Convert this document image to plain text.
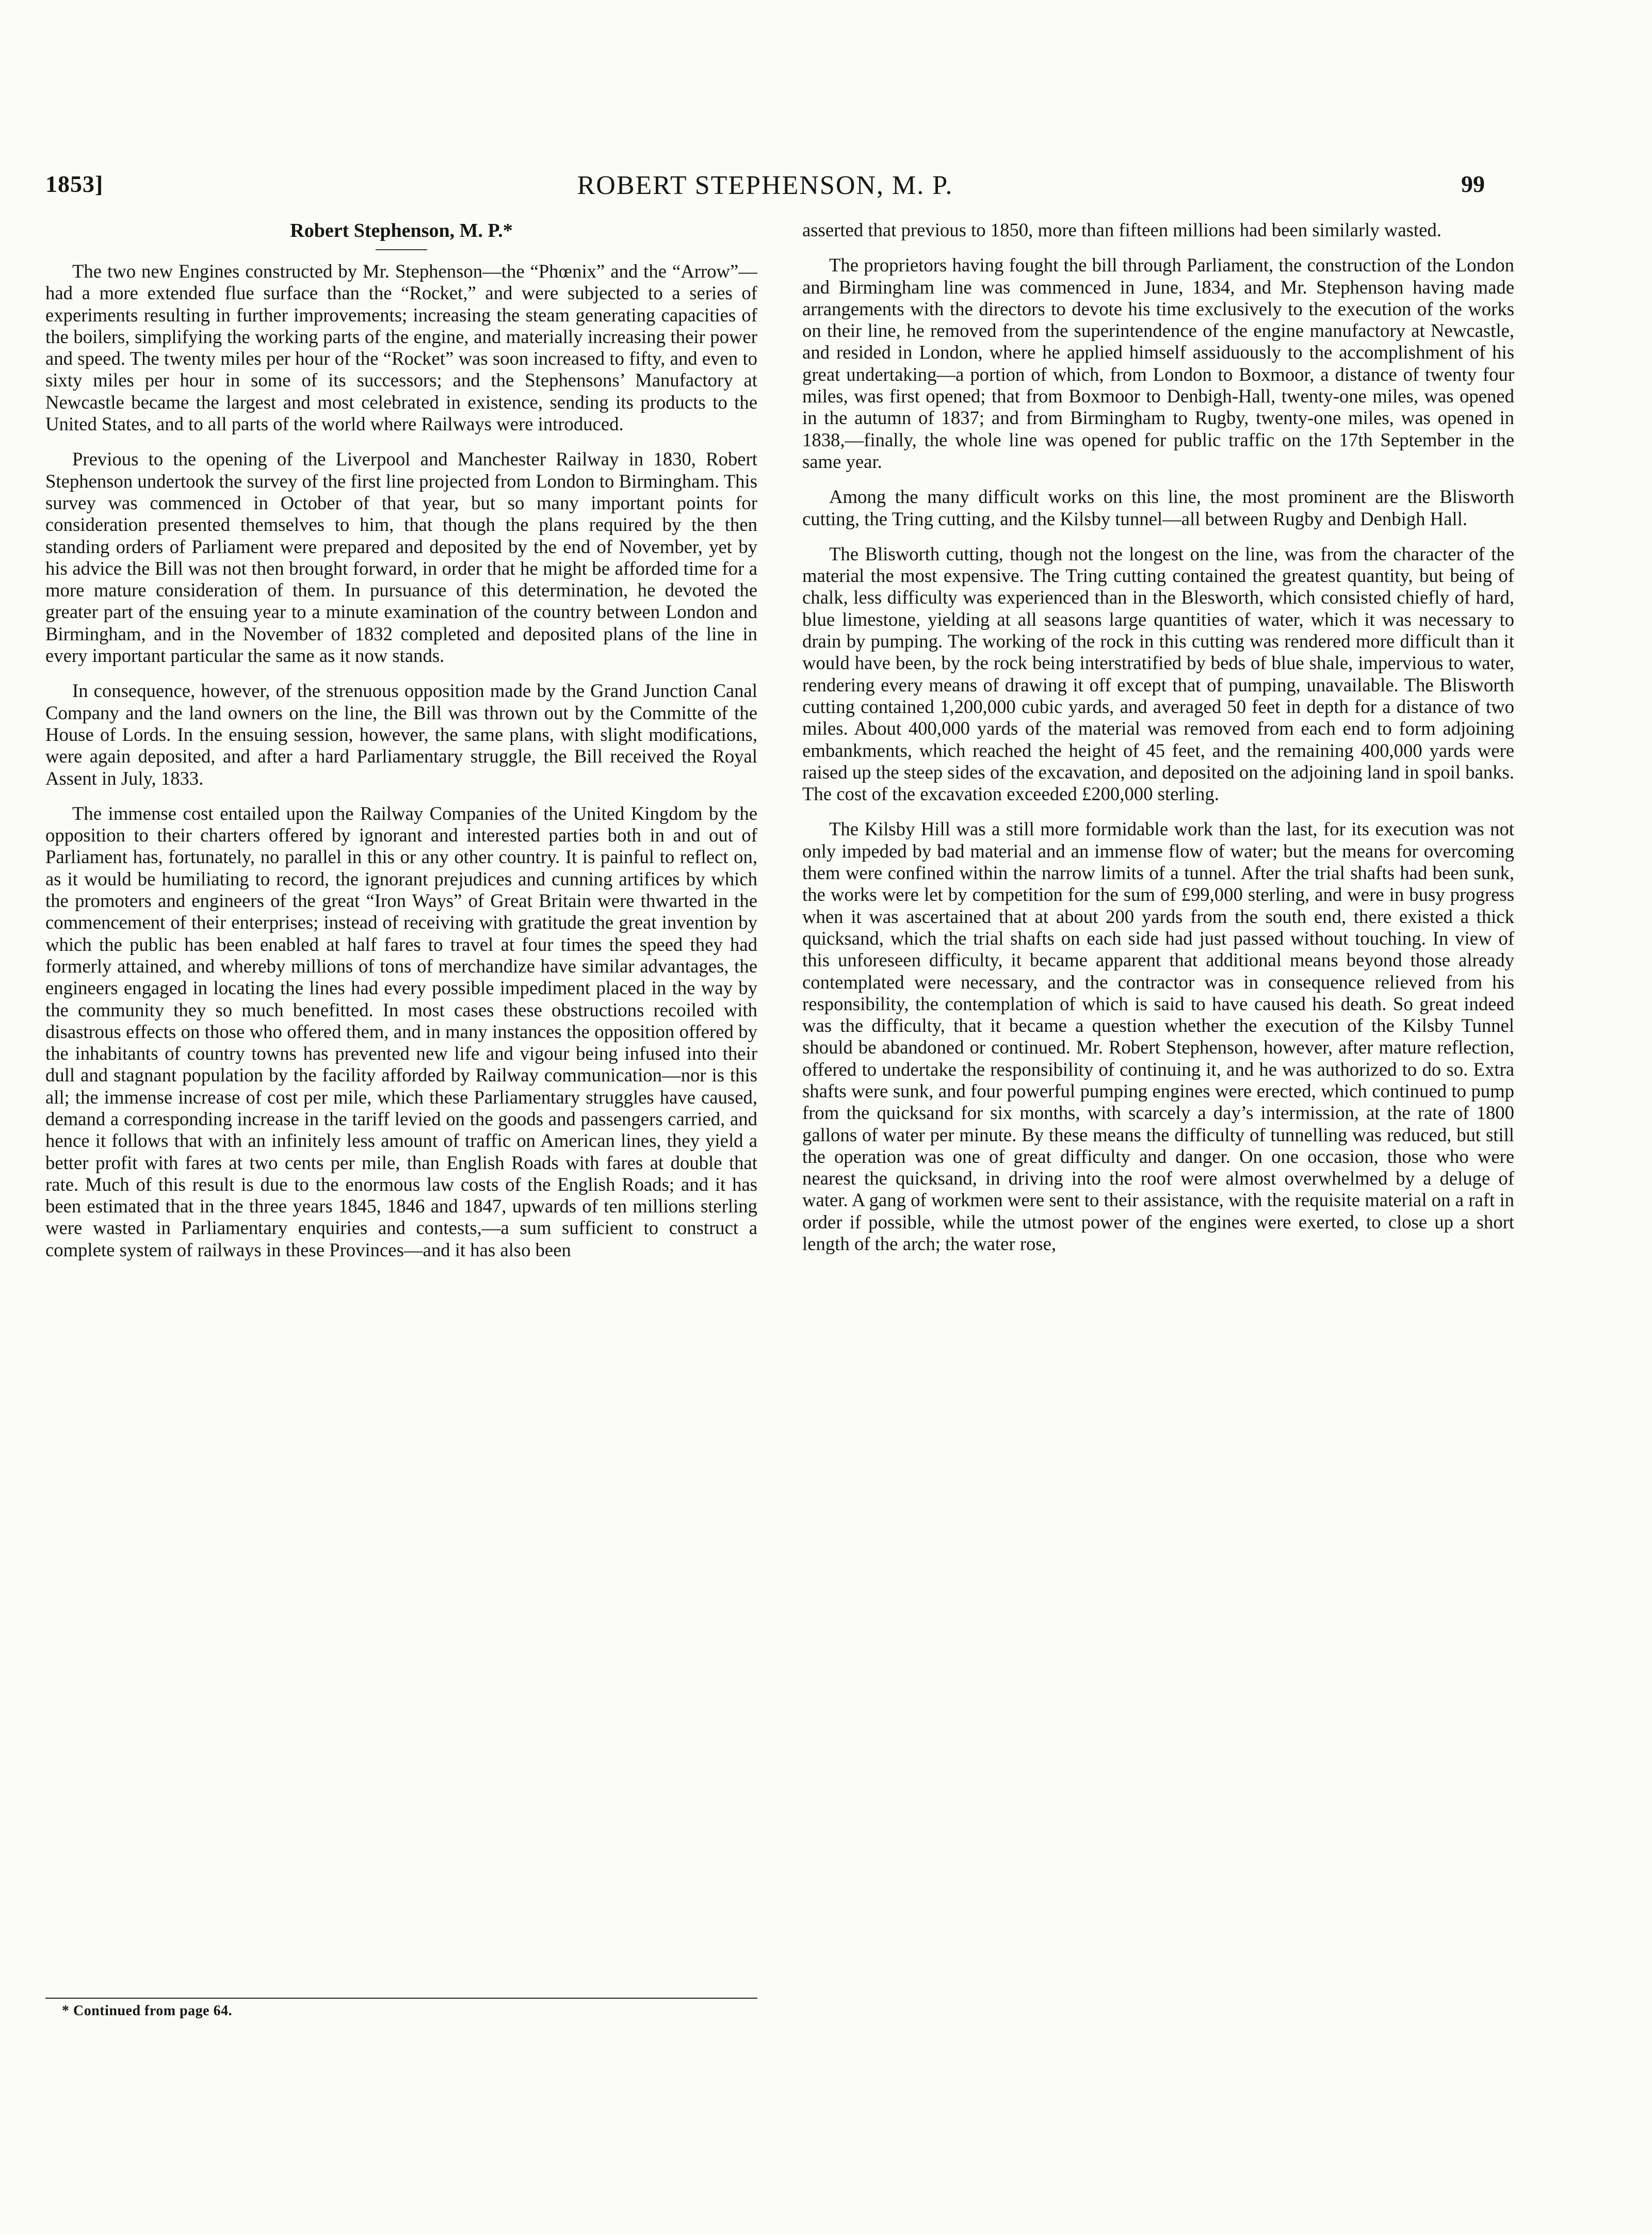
1853]	ROBERT STEPHENSON, M. P.	99
Robert Stephenson, M. P.*

The two new Engines constructed by Mr. Stephenson—the “Phœnix” and the “Arrow”—had a more extended flue surface than the “Rocket,” and were subjected to a series of experiments resulting in further improvements; increasing the steam generating capacities of the boilers, simplifying the working parts of the engine, and materially increasing their power and speed. The twenty miles per hour of the “Rocket” was soon increased to fifty, and even to sixty miles per hour in some of its successors; and the Stephensons’ Manufactory at Newcastle became the largest and most celebrated in existence, sending its products to the United States, and to all parts of the world where Railways were introduced.

Previous to the opening of the Liverpool and Manchester Railway in 1830, Robert Stephenson undertook the survey of the first line projected from London to Birmingham. This survey was commenced in October of that year, but so many important points for consideration presented themselves to him, that though the plans required by the then standing orders of Parliament were prepared and deposited by the end of November, yet by his advice the Bill was not then brought forward, in order that he might be afforded time for a more mature consideration of them. In pursuance of this determination, he devoted the greater part of the ensuing year to a minute examination of the country between London and Birmingham, and in the November of 1832 completed and deposited plans of the line in every important particular the same as it now stands.

In consequence, however, of the strenuous opposition made by the Grand Junction Canal Company and the land owners on the line, the Bill was thrown out by the Committe of the House of Lords. In the ensuing session, however, the same plans, with slight modifications, were again deposited, and after a hard Parliamentary struggle, the Bill received the Royal Assent in July, 1833.

The immense cost entailed upon the Railway Companies of the United Kingdom by the opposition to their charters offered by ignorant and interested parties both in and out of Parliament has, fortunately, no parallel in this or any other country. It is painful to reflect on, as it would be humiliating to record, the ignorant prejudices and cunning artifices by which the promoters and engineers of the great “Iron Ways” of Great Britain were thwarted in the commencement of their enterprises; instead of receiving with gratitude the great invention by which the public has been enabled at half fares to travel at four times the speed they had formerly attained, and whereby millions of tons of merchandize have similar advantages, the engineers engaged in locating the lines had every possible impediment placed in the way by the community they so much benefitted. In most cases these obstructions recoiled with disastrous effects on those who offered them, and in many instances the opposition offered by the inhabitants of country towns has prevented new life and vigour being infused into their dull and stagnant population by the facility afforded by Railway communication—nor is this all; the immense increase of cost per mile, which these Parliamentary struggles have caused, demand a corresponding increase in the tariff levied on the goods and passengers carried, and hence it follows that with an infinitely less amount of traffic on American lines, they yield a better profit with fares at two cents per mile, than English Roads with fares at double that rate. Much of this result is due to the enormous law costs of the English Roads; and it has been estimated that in the three years 1845, 1846 and 1847, upwards of ten millions sterling were wasted in Parliamentary enquiries and contests,—a sum sufficient to construct a complete system of railways in these Provinces—and it has also been

asserted that previous to 1850, more than fifteen millions had been similarly wasted.

The proprietors having fought the bill through Parliament, the construction of the London and Birmingham line was commenced in June, 1834, and Mr. Stephenson having made arrangements with the directors to devote his time exclusively to the execution of the works on their line, he removed from the superintendence of the engine manufactory at Newcastle, and resided in London, where he applied himself assiduously to the accomplishment of his great undertaking—a portion of which, from London to Boxmoor, a distance of twenty four miles, was first opened; that from Boxmoor to Denbigh-Hall, twenty-one miles, was opened in the autumn of 1837; and from Birmingham to Rugby, twenty-one miles, was opened in 1838,—finally, the whole line was opened for public traffic on the 17th September in the same year.

Among the many difficult works on this line, the most prominent are the Blisworth cutting, the Tring cutting, and the Kilsby tunnel—all between Rugby and Denbigh Hall.

The Blisworth cutting, though not the longest on the line, was from the character of the material the most expensive. The Tring cutting contained the greatest quantity, but being of chalk, less difficulty was experienced than in the Blesworth, which consisted chiefly of hard, blue limestone, yielding at all seasons large quantities of water, which it was necessary to drain by pumping. The working of the rock in this cutting was rendered more difficult than it would have been, by the rock being interstratified by beds of blue shale, impervious to water, rendering every means of drawing it off except that of pumping, unavailable. The Blisworth cutting contained 1,200,000 cubic yards, and averaged 50 feet in depth for a distance of two miles. About 400,000 yards of the material was removed from each end to form adjoining embankments, which reached the height of 45 feet, and the remaining 400,000 yards were raised up the steep sides of the excavation, and deposited on the adjoining land in spoil banks. The cost of the excavation exceeded £200,000 sterling.

The Kilsby Hill was a still more formidable work than the last, for its execution was not only impeded by bad material and an immense flow of water; but the means for overcoming them were confined within the narrow limits of a tunnel. After the trial shafts had been sunk, the works were let by competition for the sum of £99,000 sterling, and were in busy progress when it was ascertained that at about 200 yards from the south end, there existed a thick quicksand, which the trial shafts on each side had just passed without touching. In view of this unforeseen difficulty, it became apparent that additional means beyond those already contemplated were necessary, and the contractor was in consequence relieved from his responsibility, the contemplation of which is said to have caused his death. So great indeed was the difficulty, that it became a question whether the execution of the Kilsby Tunnel should be abandoned or continued. Mr. Robert Stephenson, however, after mature reflection, offered to undertake the responsibility of continuing it, and he was authorized to do so. Extra shafts were sunk, and four powerful pumping engines were erected, which continued to pump from the quicksand for six months, with scarcely a day’s intermission, at the rate of 1800 gallons of water per minute. By these means the difficulty of tunnelling was reduced, but still the operation was one of great difficulty and danger. On one occasion, those who were nearest the quicksand, in driving into the roof were almost overwhelmed by a deluge of water. A gang of workmen were sent to their assistance, with the requisite material on a raft in order if possible, while the utmost power of the engines were exerted, to close up a short length of the arch; the water rose,

* Continued from page 64.
